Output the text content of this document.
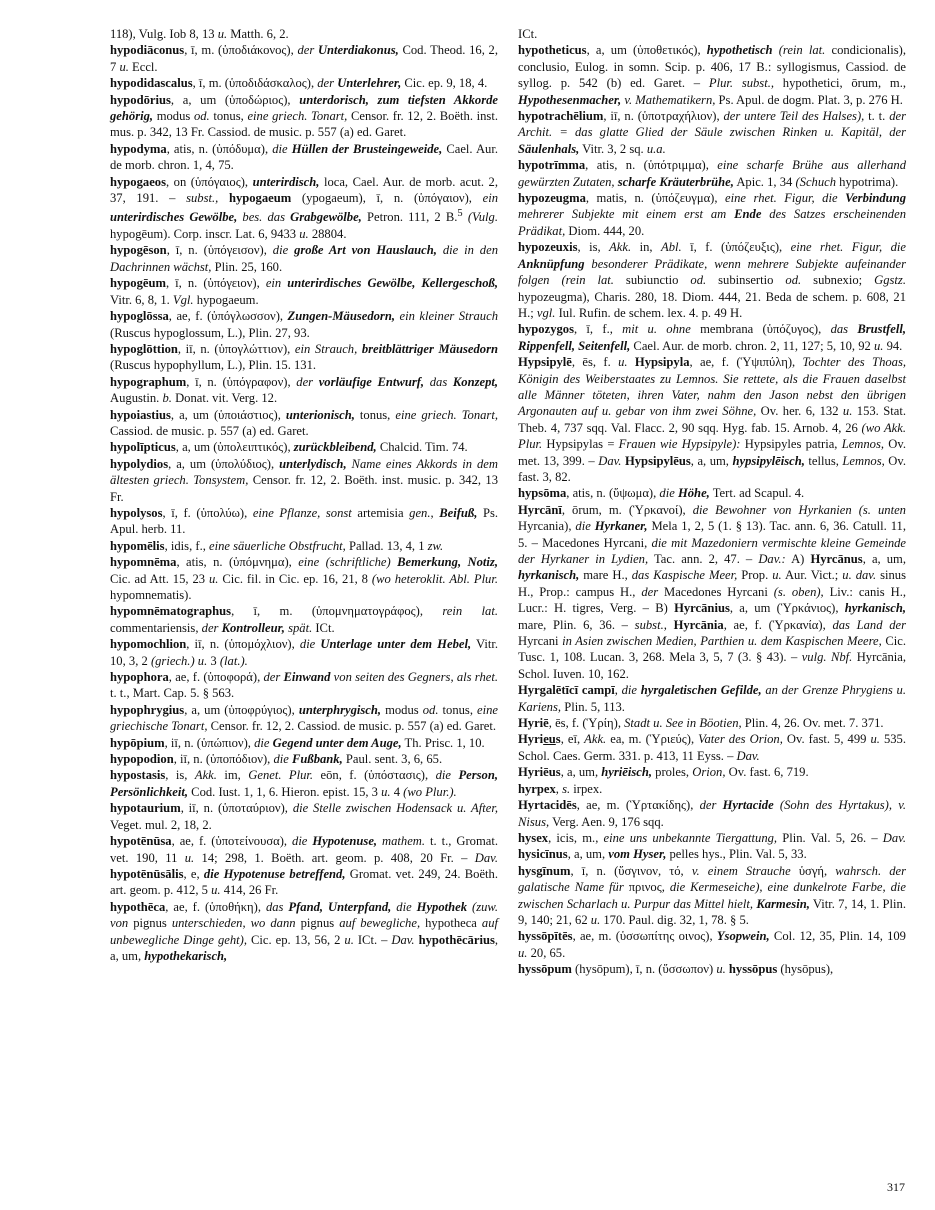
118), Vulg. Iob 8, 13 u. Matth. 6, 2.

hypodiāconus, ī, m. (ὑποδιάκονος), der Unterdiakonus, Cod. Theod. 16, 2, 7 u. Eccl.

hypodidascalus, ī, m. (ὑποδιδάσκαλος), der Unterlehrer, Cic. ep. 9, 18, 4.

hypodōrius, a, um (ὑποδώριος), unterdorisch, zum tiefsten Akkorde gehörig, modus od. tonus, eine griech. Tonart, Censor. fr. 12, 2. Boëth. inst. mus. p. 342, 13 Fr. Cassiod. de music. p. 557 (a) ed. Garet.

hypodyma, atis, n. (ὑπόδυμα), die Hüllen der Brusteingeweide, Cael. Aur. de morb. chron. 1, 4, 75.

hypogaeos, on (ὑπόγαιος), unterirdisch, loca, Cael. Aur. de morb. acut. 2, 37, 191. – subst., hypogaeum (ypogaeum), ī, n. (ὑπόγαιον), ein unterirdisches Gewölbe, bes. das Grabgewölbe, Petron. 111, 2 B.$^5$ (Vulg. hypogēum). Corp. inscr. Lat. 6, 9433 u. 28804.

hypogēson, ī, n. (ὑπόγεισον), die große Art von Hauslauch, die in den Dachrinnen wächst, Plin. 25, 160.

hypogēum, ī, n. (ὑπόγειον), ein unterirdisches Gewölbe, Kellergeschoß, Vitr. 6, 8, 1. Vgl. hypogaeum.

hypoglōssa, ae, f. (ὑπόγλωσσον), Zungen-Mäusedorn, ein kleiner Strauch (Ruscus hypoglossum, L.), Plin. 27, 93.

hypoglōttion, iī, n. (ὑπογλώττιον), ein Strauch, breitblättriger Mäusedorn (Ruscus hypophyllum, L.), Plin. 15. 131.

hypographum, ī, n. (ὑπόγραφον), der vorläufige Entwurf, das Konzept, Augustin. b. Donat. vit. Verg. 12.

hypoiastius, a, um (ὑποιάστιος), unterionisch, tonus, eine griech. Tonart, Cassiod. de music. p. 557 (a) ed. Garet.

hypolīpticus, a, um (ὑπολειπτικός), zurückbleibend, Chalcid. Tim. 74.

hypolydios, a, um (ὑπολύδιος), unterlydisch, Name eines Akkords in dem ältesten griech. Tonsystem, Censor. fr. 12, 2. Boëth. inst. music. p. 342, 13 Fr.

hypolysos, ī, f. (ὑπολύω), eine Pflanze, sonst artemisia gen., Beifuß, Ps. Apul. herb. 11.

hypomēlis, idis, f., eine säuerliche Obstfrucht, Pallad. 13, 4, 1 zw.

hypomnēma, atis, n. (ὑπόμνημα), eine (schriftliche) Bemerkung, Notiz, Cic. ad Att. 15, 23 u. Cic. fil. in Cic. ep. 16, 21, 8 (wo heteroklit. Abl. Plur. hypomnematis).

hypomnēmatographus, ī, m. (ὑπομνηματογράφος), rein lat. commentariensis, der Kontrolleur, spät. ICt.

hypomochlion, iī, n. (ὑπομόχλιον), die Unterlage unter dem Hebel, Vitr. 10, 3, 2 (griech.) u. 3 (lat.).

hypophora, ae, f. (ὑποφορά), der Einwand von seiten des Gegners, als rhet. t. t., Mart. Cap. 5. § 563.

hypophrygius, a, um (ὑποφρύγιος), unterphrygisch, modus od. tonus, eine griechische Tonart, Censor. fr. 12, 2. Cassiod. de music. p. 557 (a) ed. Garet.

hypōpium, iī, n. (ὑπώπιον), die Gegend unter dem Auge, Th. Prisc. 1, 10.

hypopodion, iī, n. (ὑποπόδιον), die Fußbank, Paul. sent. 3, 6, 65.

hypostasis, is, Akk. im, Genet. Plur. eōn, f. (ὑπόστασις), die Person, Persönlichkeit, Cod. Iust. 1, 1, 6. Hieron. epist. 15, 3 u. 4 (wo Plur.).

hypotaurium, iī, n. (ὑποταύριον), die Stelle zwischen Hodensack u. After, Veget. mul. 2, 18, 2.

hypotēnūsa, ae, f. (ὑποτείνουσα), die Hypotenuse, mathem. t. t., Gromat. vet. 190, 11 u. 14; 298, 1. Boëth. art. geom. p. 408, 20 Fr. – Dav. hypotēnūsālis, e, die Hypotenuse betreffend, Gromat. vet. 249, 24. Boëth. art. geom. p. 412, 5 u. 414, 26 Fr.

hypothēca, ae, f. (ὑποθήκη), das Pfand, Unterpfand, die Hypothek (zuw. von pignus unterschieden, wo dann pignus auf bewegliche, hypotheca auf unbewegliche Dinge geht), Cic. ep. 13, 56, 2 u. ICt. – Dav. hypothēcārius, a, um, hypothekarisch,

ICt.

hypotheticus, a, um (ὑποθετικός), hypothetisch (rein lat. condicionalis), conclusio, Eulog. in somn. Scip. p. 406, 17 B.: syllogismus, Cassiod. de syllog. p. 542 (b) ed. Garet. – Plur. subst., hypothetici, ōrum, m., Hypothesenmacher, v. Mathematikern, Ps. Apul. de dogm. Plat. 3, p. 276 H.

hypotrachēlium, iī, n. (ὑποτραχήλιον), der untere Teil des Halses), t. t. der Archit. = das glatte Glied der Säule zwischen Rinken u. Kapitäl, der Säulenhals, Vitr. 3, 2 sq. u.a.

hypotrīmma, atis, n. (ὑπότριμμα), eine scharfe Brühe aus allerhand gewürzten Zutaten, scharfe Kräuterbrühe, Apic. 1, 34 (Schuch hypotrima).

hypozeugma, matis, n. (ὑπόζευγμα), eine rhet. Figur, die Verbindung mehrerer Subjekte mit einem erst am Ende des Satzes erscheinenden Prädikat, Diom. 444, 20.

hypozeuxis, is, Akk. in, Abl. ī, f. (ὑπόζευξις), eine rhet. Figur, die Anknüpfung besonderer Prädikate, wenn mehrere Subjekte aufeinander folgen (rein lat. subiunctio od. subinsertio od. subnexio; Ggstz. hypozeugma), Charis. 280, 18. Diom. 444, 21. Beda de schem. p. 608, 21 H.; vgl. Iul. Rufin. de schem. lex. 4. p. 49 H.

hypozygos, ī, f., mit u. ohne membrana (ὑπόζυγος), das Brustfell, Rippenfell, Seitenfell, Cael. Aur. de morb. chron. 2, 11, 127; 5, 10, 92 u. 94.

Hypsipylē, ēs, f. u. Hypsipyla, ae, f. (Ὑψιπύλη), Tochter des Thoas, Königin des Weiberstaates zu Lemnos. Sie rettete, als die Frauen daselbst alle Männer töteten, ihren Vater, nahm den Jason nebst den übrigen Argonauten auf u. gebar von ihm zwei Söhne, Ov. her. 6, 132 u. 153. Stat. Theb. 4, 737 sqq. Val. Flacc. 2, 90 sqq. Hyg. fab. 15. Arnob. 4, 26 (wo Akk. Plur. Hypsipylas = Frauen wie Hypsipyle): Hypsipyles patria, Lemnos, Ov. met. 13, 399. – Dav. Hypsipylēus, a, um, hypsipylēisch, tellus, Lemnos, Ov. fast. 3, 82.

hypsōma, atis, n. (ὕψωμα), die Höhe, Tert. ad Scapul. 4.

Hyrcānī, ōrum, m. (Ὑρκανοί), die Bewohner von Hyrkanien (s. unten Hyrcania), die Hyrkaner, Mela 1, 2, 5 (1. § 13). Tac. ann. 6, 36. Catull. 11, 5. – Macedones Hyrcani, die mit Mazedoniern vermischte kleine Gemeinde der Hyrkaner in Lydien, Tac. ann. 2, 47. – Dav.: A) Hyrcānus, a, um, hyrkanisch, mare H., das Kaspische Meer, Prop. u. Aur. Vict.; u. dav. sinus H., Prop.: campus H., der Macedones Hyrcani (s. oben), Liv.: canis H., Lucr.: H. tigres, Verg. – B) Hyrcānius, a, um (Ὑρκάνιος), hyrkanisch, mare, Plin. 6, 36. – subst., Hyrcānia, ae, f. (Ὑρκανία), das Land der Hyrcani in Asien zwischen Medien, Parthien u. dem Kaspischen Meere, Cic. Tusc. 1, 108. Lucan. 3, 268. Mela 3, 5, 7 (3. § 43). – vulg. Nbf. Hyrcānia, Schol. Iuven. 10, 162.

Hyrgalētīcī campī, die hyrgaletischen Gefilde, an der Grenze Phrygiens u. Kariens, Plin. 5, 113.

Hyriē, ēs, f. (Ὑρίη), Stadt u. See in Böotien, Plin. 4, 26. Ov. met. 7. 371.

Hyrieus, eī, Akk. ea, m. (Ὑριεύς), Vater des Orion, Ov. fast. 5, 499 u. 535. Schol. Caes. Germ. 331. p. 413, 11 Eyss. – Dav.

Hyriēus, a, um, hyriēisch, proles, Orion, Ov. fast. 6, 719.

hyrpex, s. irpex.

Hyrtacidēs, ae, m. (Ὑρτακίδης), der Hyrtacide (Sohn des Hyrtakus), v. Nisus, Verg. Aen. 9, 176 sqq.

hysex, icis, m., eine uns unbekannte Tiergattung, Plin. Val. 5, 26. – Dav. hysicīnus, a, um, vom Hyser, pelles hys., Plin. Val. 5, 33.

hysgīnum, ī, n. (ὕσγινον, τό, v. einem Strauche ὑσγή, wahrsch. der galatische Name für πρινος, die Kermeseiche), eine dunkelrote Farbe, die zwischen Scharlach u. Purpur das Mittel hielt, Karmesin, Vitr. 7, 14, 1. Plin. 9, 140; 21, 62 u. 170. Paul. dig. 32, 1, 78. § 5.

hyssōpītēs, ae, m. (ὑσσωπίτης οινος), Ysopwein, Col. 12, 35, Plin. 14, 109 u. 20, 65.

hyssōpum (hysōpum), ī, n. (ὕσσωπον) u. hyssōpus (hysōpus),

317
